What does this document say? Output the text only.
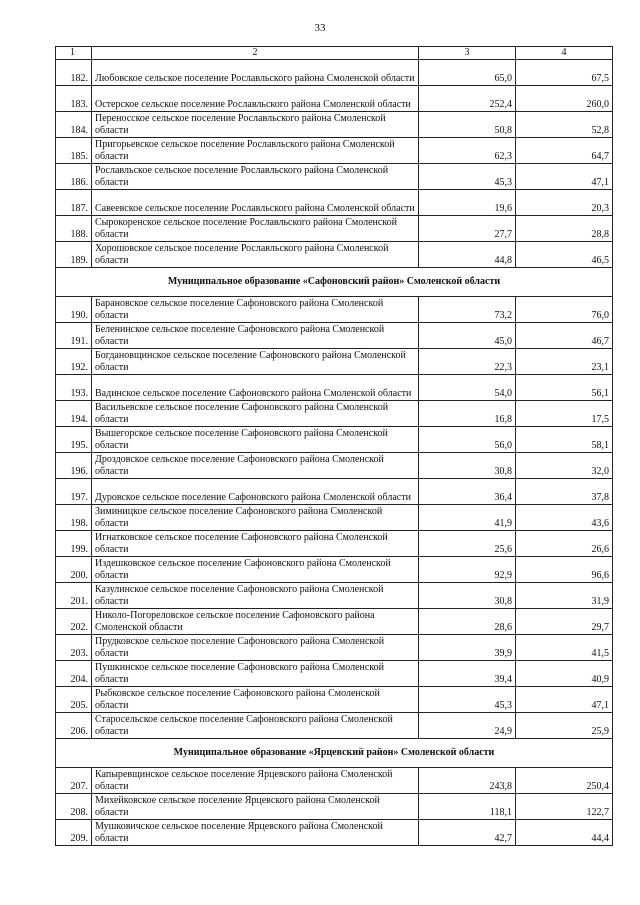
33
1	2	3	4
182.	Любовское сельское поселение Рославльского района Смоленской области	65,0	67,5
183.	Остерское сельское поселение Рославльского района Смоленской области	252,4	260,0
184.	Переносское сельское поселение Рославльского района Смоленской области	50,8	52,8
185.	Пригорьевское сельское поселение Рославльского района Смоленской области	62,3	64,7
186.	Рославльское сельское поселение Рославльского района Смоленской области	45,3	47,1
187.	Савеевское сельское поселение Рославльского района Смоленской области	19,6	20,3
188.	Сырокоренское сельское поселение Рославльского района Смоленской области	27,7	28,8
189.	Хорошовское сельское поселение Рославльского района Смоленской области	44,8	46,5
Муниципальное образование «Сафоновский район» Смоленской области			
190.	Барановское сельское поселение Сафоновского района Смоленской области	73,2	76,0
191.	Беленинское сельское поселение Сафоновского района Смоленской области	45,0	46,7
192.	Богдановщинское сельское поселение Сафоновского района Смоленской области	22,3	23,1
193.	Вадинское сельское поселение Сафоновского района Смоленской области	54,0	56,1
194.	Васильевское сельское поселение Сафоновского района Смоленской области	16,8	17,5
195.	Вышегорское сельское поселение Сафоновского района Смоленской области	56,0	58,1
196.	Дроздовское сельское поселение Сафоновского района Смоленской области	30,8	32,0
197.	Дуровское сельское поселение Сафоновского района Смоленской области	36,4	37,8
198.	Зиминицкое сельское поселение Сафоновского района Смоленской области	41,9	43,6
199.	Игнатковское сельское поселение Сафоновского района Смоленской области	25,6	26,6
200.	Издешковское сельское поселение Сафоновского района Смоленской области	92,9	96,6
201.	Казулинское сельское поселение Сафоновского района Смоленской области	30,8	31,9
202.	Николо-Погореловское сельское поселение Сафоновского района Смоленской области	28,6	29,7
203.	Прудковское сельское поселение Сафоновского района Смоленской области	39,9	41,5
204.	Пушкинское сельское поселение Сафоновского района Смоленской области	39,4	40,9
205.	Рыбковское сельское поселение Сафоновского района Смоленской области	45,3	47,1
206.	Старосельское сельское поселение Сафоновского района Смоленской области	24,9	25,9
Муниципальное образование «Ярцевский район» Смоленской области			
207.	Капыревщинское сельское поселение Ярцевского района Смоленской области	243,8	250,4
208.	Михейковское сельское поселение Ярцевского района Смоленской области	118,1	122,7
209.	Мушковичское сельское поселение Ярцевского района Смоленской области	42,7	44,4
